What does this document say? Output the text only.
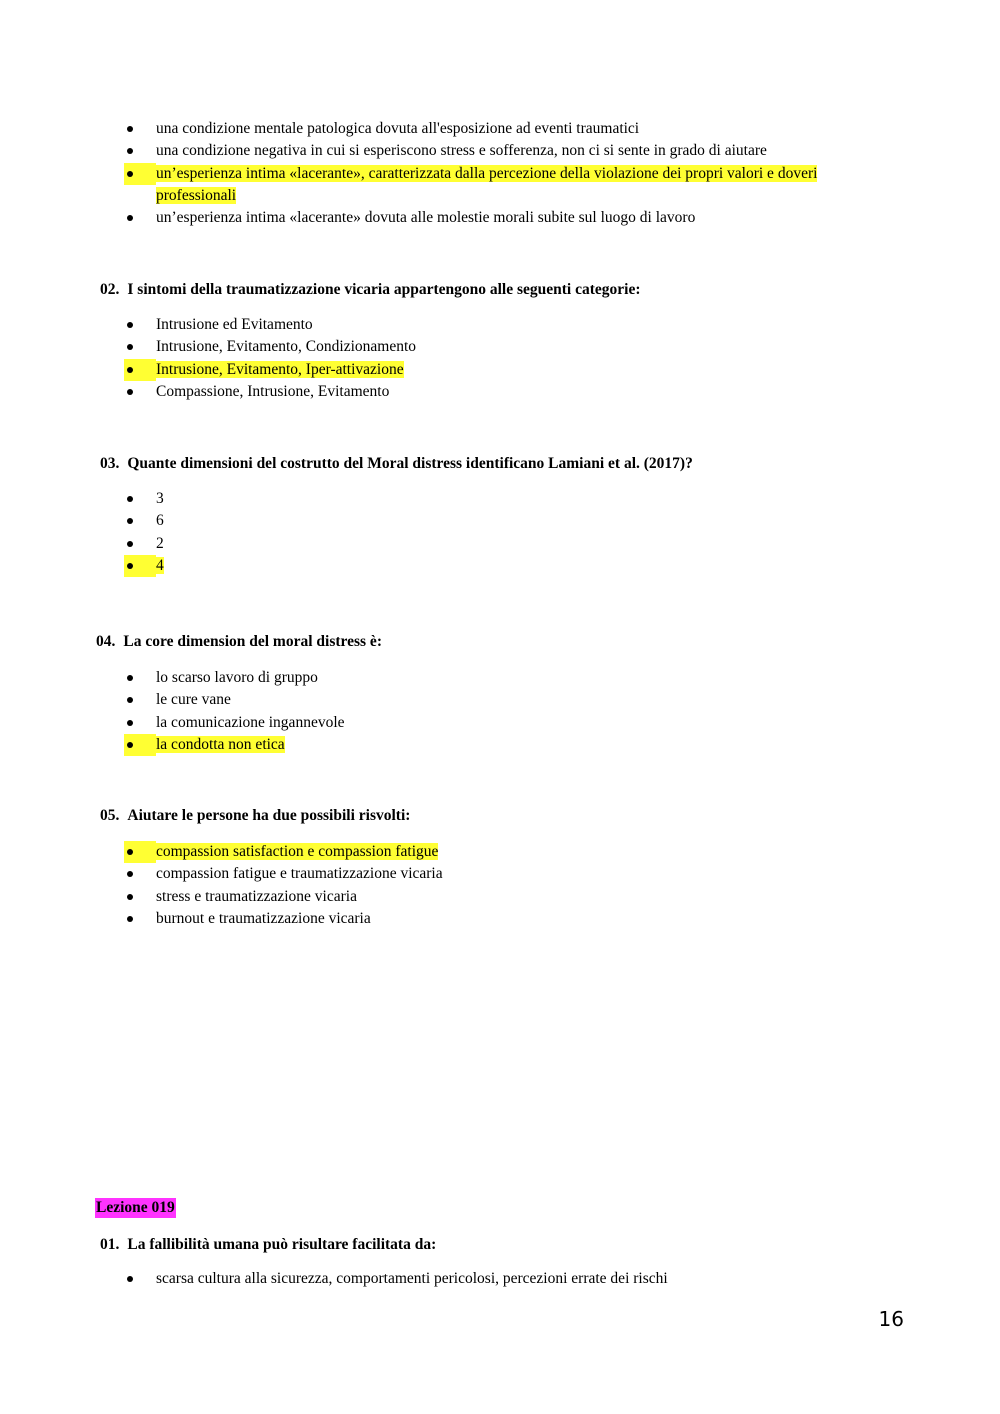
una condizione mentale patologica dovuta all'esposizione ad eventi traumatici
una condizione negativa in cui si esperiscono stress e sofferenza, non ci si sente in grado di aiutare
un’esperienza intima «lacerante», caratterizzata dalla percezione della violazione dei propri valori e doveri professionali
un’esperienza intima «lacerante» dovuta alle molestie morali subite sul luogo di lavoro
02. I sintomi della traumatizzazione vicaria appartengono alle seguenti categorie:
Intrusione ed Evitamento
Intrusione, Evitamento, Condizionamento
Intrusione, Evitamento, Iper-attivazione
Compassione, Intrusione, Evitamento
03. Quante dimensioni del costrutto del Moral distress identificano Lamiani et al. (2017)?
3
6
2
4
04. La core dimension del moral distress è:
lo scarso lavoro di gruppo
le cure vane
la comunicazione ingannevole
la condotta non etica
05. Aiutare le persone ha due possibili risvolti:
compassion satisfaction e compassion fatigue
compassion fatigue e traumatizzazione vicaria
stress e traumatizzazione vicaria
burnout e traumatizzazione vicaria
Lezione 019
01. La fallibilità umana può risultare facilitata da:
scarsa cultura alla sicurezza, comportamenti pericolosi, percezioni errate dei rischi
16
